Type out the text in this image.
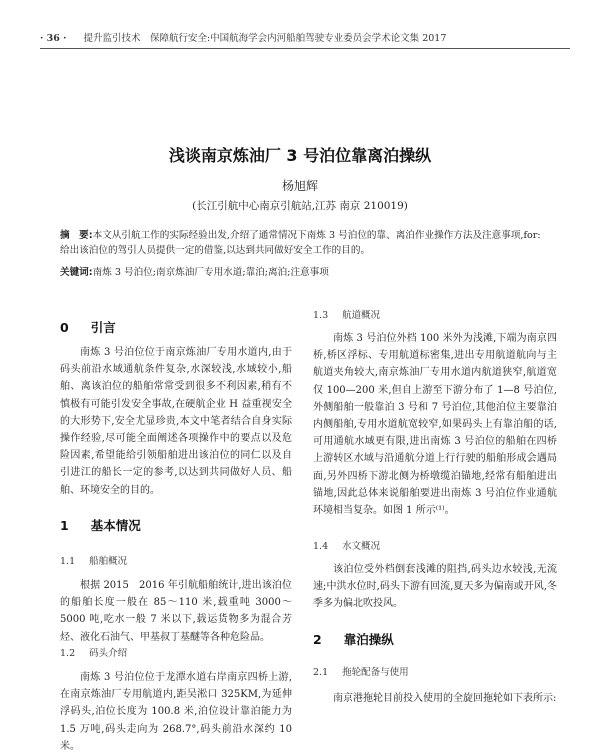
· 36 · 提升监引技术　保障航行安全:中国航海学会内河船舶驾驶专业委员会学术论文集 2017
浅谈南京炼油厂 3 号泊位靠离泊操纵
杨旭辉
(长江引航中心南京引航站,江苏 南京 210019)
摘　要:本文从引航工作的实际经验出发,介绍了通常情况下南炼 3 号泊位的靠、离泊作业操作方法及注意事项,for: 给出该泊位的驾引人员提供一定的借鉴,以达到共同做好安全工作的目的。
关键词:南炼 3 号泊位;南京炼油厂专用水道;靠泊;离泊;注意事项
0 引言
南炼 3 号泊位位于南京炼油厂专用水道内,由于码头前沿水域通航条件复杂,水深较浅,水域较小,船舶、离该泊位的船舶常常受到很多不利因素,稍有不慎极有可能引发安全事故,在硬航企业 H 益重视安全的大形势下,安全尤显珍贵,本文中笔者结合自身实际操作经验,尽可能全面阐述各项操作中的要点以及危险因素,希望能给引领船舶进出该泊位的同仁以及自引进江的船长一定的参考,以达到共同做好人员、船舶、环境安全的目的。
1 基本情况
1.1 船舶概况
根据 2015　2016 年引航船舶统计,进出该泊位的船舶长度一般在 85～110 米,载重吨 3000～5000 吨,吃水一般 7 米以下,载运货物多为混合芳烃、液化石油气、甲基叔丁基醚等各种危险品。
1.2 码头介绍
南炼 3 号泊位位于龙潭水道右岸南京四桥上游,在南京炼油厂专用航道内,距吴淞口 325KM,为延伸浮码头,泊位长度为 100.8 米,泊位设计靠泊能力为 1.5 万吨,码头走向为 268.7°,码头前沿水深约 10 米。
1.3 航道概况
南炼 3 号泊位外档 100 米外为浅滩,下端为南京四桥,桥区浮标、专用航道标密集,进出专用航道航向与主航道夹角较大,南京炼油厂专用水道内航道狭窄,航道宽仅 100—200 米,但自上游至下游分布了 1—8 号泊位,外侧船舶一般靠泊 3 号和 7 号泊位,其他泊位主要靠泊内侧船舶,专用水道航宽较窄,如果码头上有靠泊船的话,可用通航水域更有限,进出南炼 3 号泊位的船舶在四桥上游转区水域与沿通航分道上行行驶的船舶形成会遇局面,另外四桥下游北侧为桥墩缆泊锚地,经常有船舶进出锚地,因此总体来说船舶要进出南炼 3 号泊位作业通航环境相当复杂。如图 1 所示⁽¹⁾。
1.4 水文概况
该泊位受外档倒套浅滩的阻挡,码头边水较浅,无流速;中洪水位时,码头下游有回流,夏天多为偏南或开风,冬季多为偏北吹投风。
2 靠泊操纵
2.1 拖轮配备与使用
南京港拖轮目前投入使用的全旋回拖轮如下表所示:
